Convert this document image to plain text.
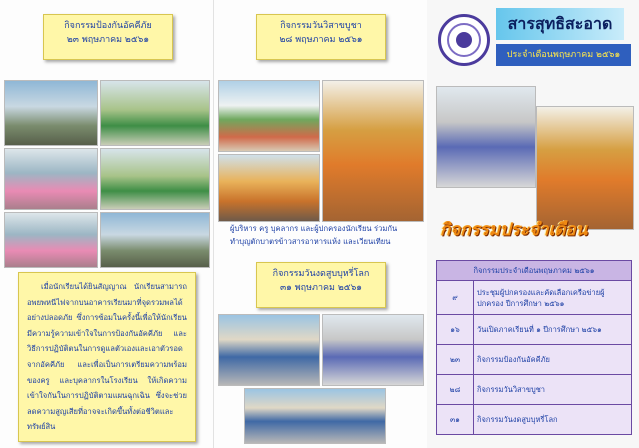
กิจกรรมป้องกันอัคคีภัย
๒๓ พฤษภาคม ๒๕๖๑
เมื่อนักเรียนได้ยินสัญญาณ นักเรียนสามารถอพยพหนีไฟจากบนอาคารเรียนมาที่จุดรวมพลได้อย่างปลอดภัย ซึ่งการซ้อมในครั้งนี้เพื่อให้นักเรียนมีความรู้ความเข้าใจในการป้องกันอัคคีภัย และวิธีการปฏิบัติตนในการดูแลตัวเองและเอาตัวรอดจากอัคคีภัย และเพื่อเป็นการเตรียมความพร้อมของครู และบุคลากรในโรงเรียน ให้เกิดความเข้าใจกันในการปฏิบัติตามแผนฉุกเฉิน ซึ่งจะช่วยลดความสูญเสียที่อาจจะเกิดขึ้นทั้งต่อชีวิตและทรัพย์สิน
กิจกรรมวันวิสาขบูชา
๒๘ พฤษภาคม ๒๕๖๑
ผู้บริหาร ครู บุคลากร และผู้ปกครองนักเรียน ร่วมกันทำบุญตักบาตรข้าวสารอาหารแห้ง และเวียนเทียน
กิจกรรมวันงดสูบบุหรี่โลก
๓๑ พฤษภาคม ๒๕๖๑
สารสุทธิสะอาด
ประจำเดือนพฤษภาคม ๒๕๖๑
กิจกรรมประจำเดือน
กิจกรรมประจำเดือนพฤษภาคม ๒๕๖๑	
๙	ประชุมผู้ปกครองและคัดเลือกเครือข่ายผู้ปกครอง ปีการศึกษา ๒๕๖๑
๑๖	วันเปิดภาคเรียนที่ ๑ ปีการศึกษา ๒๕๖๑
๒๓	กิจกรรมป้องกันอัคคีภัย
๒๘	กิจกรรมวันวิสาขบูชา
๓๑	กิจกรรมวันงดสูบบุหรี่โลก
